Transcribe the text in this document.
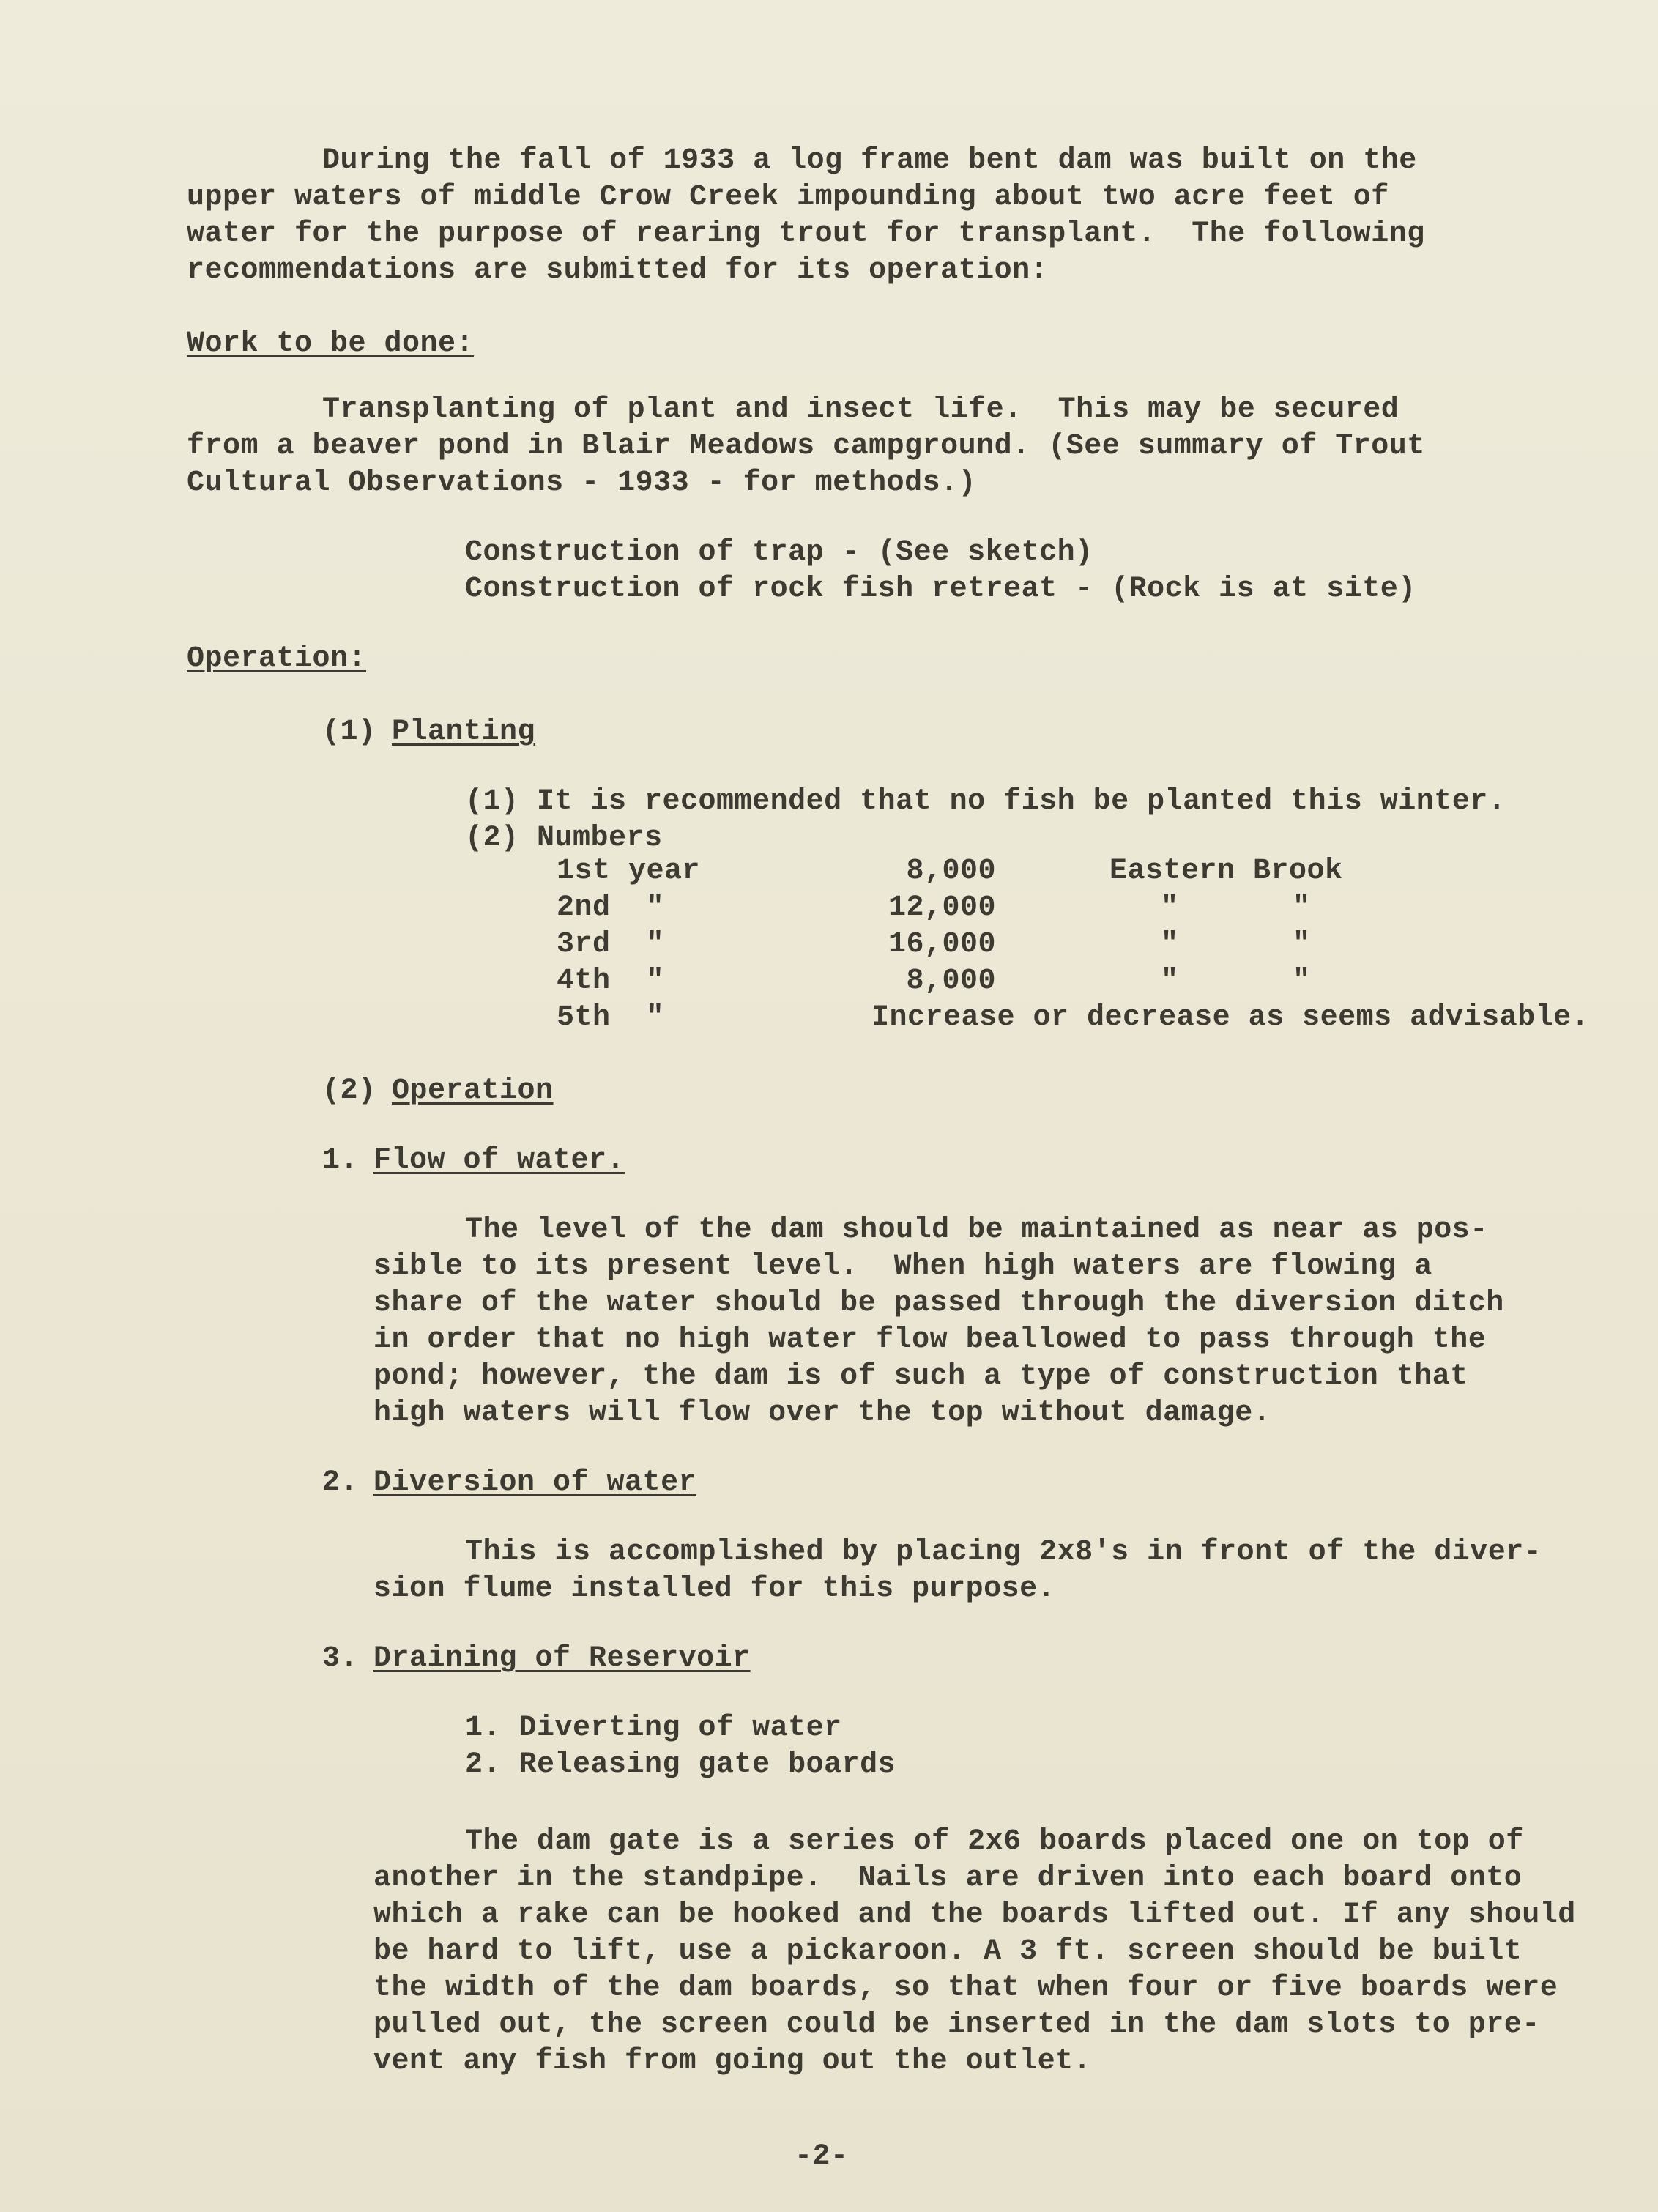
During the fall of 1933 a log frame bent dam was built on the
upper waters of middle Crow Creek impounding about two acre feet of
water for the purpose of rearing trout for transplant.  The following
recommendations are submitted for its operation:
Work to be done:
Transplanting of plant and insect life.  This may be secured
from a beaver pond in Blair Meadows campground. (See summary of Trout
Cultural Observations - 1933 - for methods.)
Construction of trap - (See sketch)
Construction of rock fish retreat - (Rock is at site)
Operation:
(1) Planting
(1) It is recommended that no fish be planted this winter.
(2) Numbers
1st year	8,000	Eastern Brook
2nd  "	12,000	"	"
3rd  "	16,000	"	"
4th  "	8,000	"	"
5th  "	Increase or decrease as seems advisable.
(2) Operation
1. Flow of water.
The level of the dam should be maintained as near as pos-
sible to its present level.  When high waters are flowing a
share of the water should be passed through the diversion ditch
in order that no high water flow beallowed to pass through the
pond; however, the dam is of such a type of construction that
high waters will flow over the top without damage.
2. Diversion of water
This is accomplished by placing 2x8's in front of the diver-
sion flume installed for this purpose.
3. Draining of Reservoir
1. Diverting of water
2. Releasing gate boards
The dam gate is a series of 2x6 boards placed one on top of
another in the standpipe.  Nails are driven into each board onto
which a rake can be hooked and the boards lifted out. If any should
be hard to lift, use a pickaroon. A 3 ft. screen should be built
the width of the dam boards, so that when four or five boards were
pulled out, the screen could be inserted in the dam slots to pre-
vent any fish from going out the outlet.
-2-
